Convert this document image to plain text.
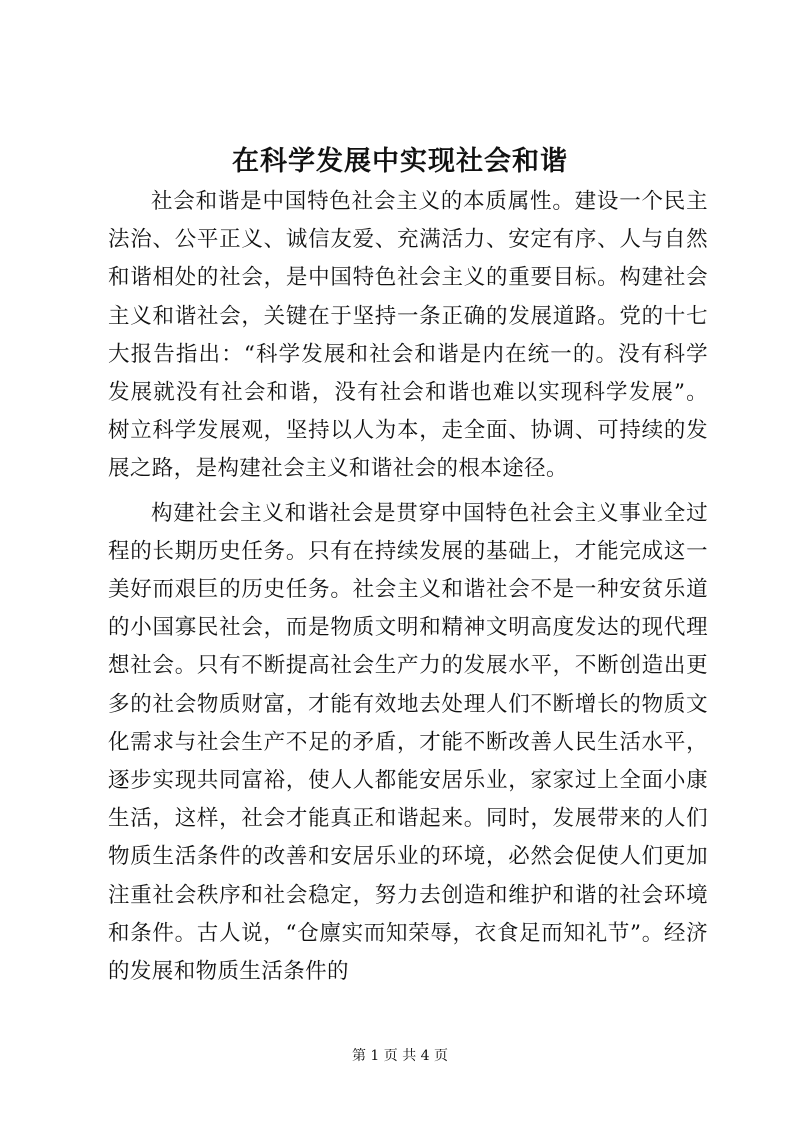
在科学发展中实现社会和谐

社会和谐是中国特色社会主义的本质属性。建设一个民主法治、公平正义、诚信友爱、充满活力、安定有序、人与自然和谐相处的社会，是中国特色社会主义的重要目标。构建社会主义和谐社会，关键在于坚持一条正确的发展道路。党的十七大报告指出：“科学发展和社会和谐是内在统一的。没有科学发展就没有社会和谐，没有社会和谐也难以实现科学发展”。树立科学发展观，坚持以人为本，走全面、协调、可持续的发展之路，是构建社会主义和谐社会的根本途径。

构建社会主义和谐社会是贯穿中国特色社会主义事业全过程的长期历史任务。只有在持续发展的基础上，才能完成这一美好而艰巨的历史任务。社会主义和谐社会不是一种安贫乐道的小国寡民社会，而是物质文明和精神文明高度发达的现代理想社会。只有不断提高社会生产力的发展水平，不断创造出更多的社会物质财富，才能有效地去处理人们不断增长的物质文化需求与社会生产不足的矛盾，才能不断改善人民生活水平，逐步实现共同富裕，使人人都能安居乐业，家家过上全面小康生活，这样，社会才能真正和谐起来。同时，发展带来的人们物质生活条件的改善和安居乐业的环境，必然会促使人们更加注重社会秩序和社会稳定，努力去创造和维护和谐的社会环境和条件。古人说，“仓廪实而知荣辱，衣食足而知礼节”。经济的发展和物质生活条件的

第 1 页 共 4 页
